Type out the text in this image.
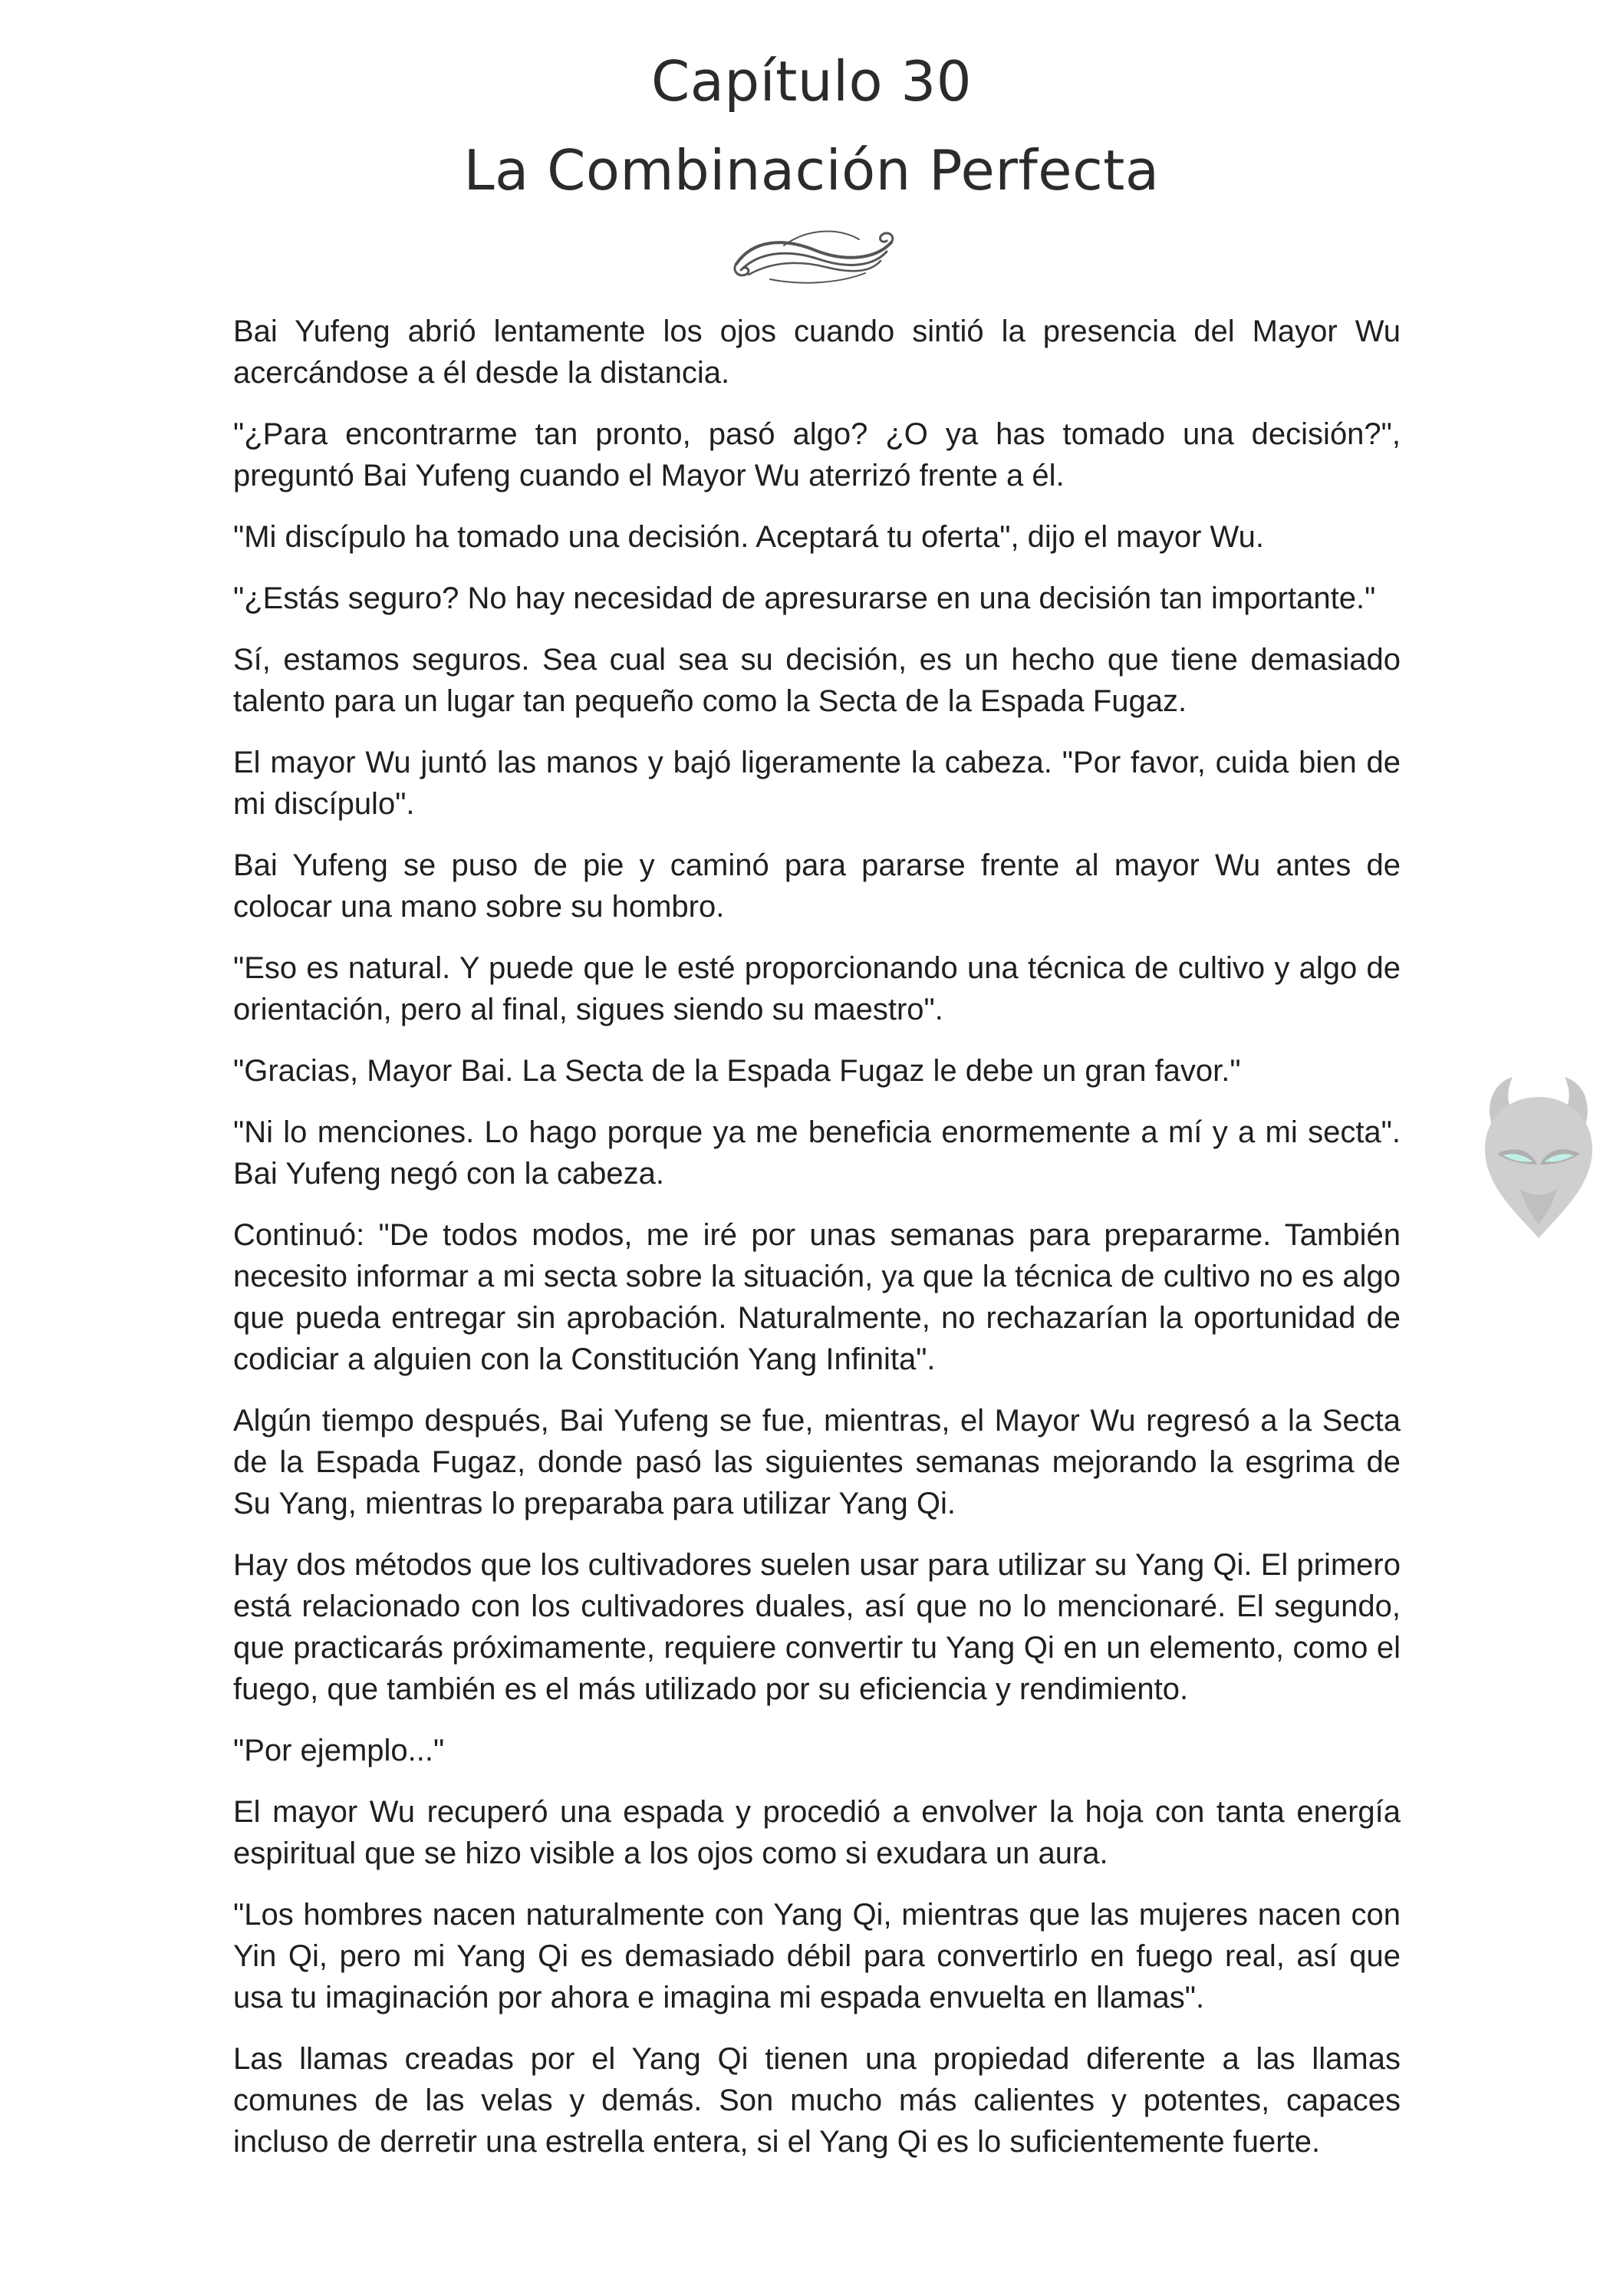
Capítulo 30
La Combinación Perfecta

Bai Yufeng abrió lentamente los ojos cuando sintió la presencia del Mayor Wu acercándose a él desde la distancia.

"¿Para encontrarme tan pronto, pasó algo? ¿O ya has tomado una decisión?", preguntó Bai Yufeng cuando el Mayor Wu aterrizó frente a él.

"Mi discípulo ha tomado una decisión. Aceptará tu oferta", dijo el mayor Wu.

"¿Estás seguro? No hay necesidad de apresurarse en una decisión tan importante."

Sí, estamos seguros. Sea cual sea su decisión, es un hecho que tiene demasiado talento para un lugar tan pequeño como la Secta de la Espada Fugaz.

El mayor Wu juntó las manos y bajó ligeramente la cabeza. "Por favor, cuida bien de mi discípulo".

Bai Yufeng se puso de pie y caminó para pararse frente al mayor Wu antes de colocar una mano sobre su hombro.

"Eso es natural. Y puede que le esté proporcionando una técnica de cultivo y algo de orientación, pero al final, sigues siendo su maestro".

"Gracias, Mayor Bai. La Secta de la Espada Fugaz le debe un gran favor."

"Ni lo menciones. Lo hago porque ya me beneficia enormemente a mí y a mi secta". Bai Yufeng negó con la cabeza.

Continuó: "De todos modos, me iré por unas semanas para prepararme. También necesito informar a mi secta sobre la situación, ya que la técnica de cultivo no es algo que pueda entregar sin aprobación. Naturalmente, no rechazarían la oportunidad de codiciar a alguien con la Constitución Yang Infinita".

Algún tiempo después, Bai Yufeng se fue, mientras, el Mayor Wu regresó a la Secta de la Espada Fugaz, donde pasó las siguientes semanas mejorando la esgrima de Su Yang, mientras lo preparaba para utilizar Yang Qi.

Hay dos métodos que los cultivadores suelen usar para utilizar su Yang Qi. El primero está relacionado con los cultivadores duales, así que no lo mencionaré. El segundo, que practicarás próximamente, requiere convertir tu Yang Qi en un elemento, como el fuego, que también es el más utilizado por su eficiencia y rendimiento.

"Por ejemplo..."

El mayor Wu recuperó una espada y procedió a envolver la hoja con tanta energía espiritual que se hizo visible a los ojos como si exudara un aura.

"Los hombres nacen naturalmente con Yang Qi, mientras que las mujeres nacen con Yin Qi, pero mi Yang Qi es demasiado débil para convertirlo en fuego real, así que usa tu imaginación por ahora e imagina mi espada envuelta en llamas".

Las llamas creadas por el Yang Qi tienen una propiedad diferente a las llamas comunes de las velas y demás. Son mucho más calientes y potentes, capaces incluso de derretir una estrella entera, si el Yang Qi es lo suficientemente fuerte.
